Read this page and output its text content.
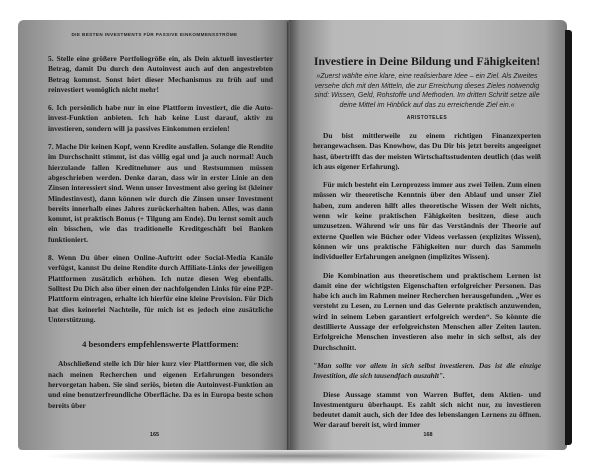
DIE BESTEN INVESTMENTS FÜR PASSIVE EINKOMMENSSTRÖME

5. Stelle eine größere Portfoliogröße ein, als Dein aktuell investierter Betrag, damit Du durch den Autoinvest auch auf den angestrebten Betrag kommst. Sonst hört dieser Mechanismus zu früh auf und reinvestiert womöglich nicht mehr!

6. Ich persönlich habe nur in eine Plattform investiert, die die Auto-invest-Funktion anbieten. Ich hab keine Lust darauf, aktiv zu investieren, sondern will ja passives Einkommen erzielen!

7. Mache Dir keinen Kopf, wenn Kredite ausfallen. Solange die Rendite im Durchschnitt stimmt, ist das völlig egal und ja auch normal! Auch hierzulande fallen Kreditnehmer aus und Restsummen müssen abgeschrieben werden. Denke daran, dass wir in erster Linie an den Zinsen interessiert sind. Wenn unser Investment also gering ist (kleiner Mindestinvest), dann können wir durch die Zinsen unser Investment bereits innerhalb eines Jahres zurückerhalten haben. Alles, was dann kommt, ist praktisch Bonus (+ Tilgung am Ende). Du lernst somit auch ein bisschen, wie das traditionelle Kreditgeschäft bei Banken funktioniert.

8. Wenn Du über einen Online-Auftritt oder Social-Media Kanäle verfügst, kannst Du deine Rendite durch Affiliate-Links der jeweiligen Plattformen zusätzlich erhöhen. Ich nutze diesen Weg ebenfalls. Solltest Du Dich also über einen der nachfolgenden Links für eine P2P-Plattform eintragen, erhalte ich hierfür eine kleine Provision. Für Dich hat dies keinerlei Nachteile, für mich ist es jedoch eine zusätzliche Unterstützung.

4 besonders empfehlenswerte Plattformen:

Abschließend stelle ich Dir hier kurz vier Plattformen vor, die sich nach meinen Recherchen und eigenen Erfahrungen besonders hervorgetan haben. Sie sind seriös, bieten die Autoinvest-Funktion an und eine benutzerfreundliche Oberfläche. Da es in Europa beste schon bereits über

165

Investiere in Deine Bildung und Fähigkeiten!

»Zuerst wählte eine klare, eine realisierbare Idee – ein Ziel. Als Zweites versehe dich mit den Mitteln, die zur Erreichung dieses Zieles notwendig sind: Wissen, Geld, Rohstoffe und Methoden. Im dritten Schritt setze alle deine Mittel im Hinblick auf das zu erreichende Ziel ein.«

ARISTOTELES

Du bist mittlerweile zu einem richtigen Finanzexperten herangewachsen. Das Knowhow, das Du Dir bis jetzt bereits angeeignet hast, übertrifft das der meisten Wirtschaftsstudenten deutlich (das weiß ich aus eigener Erfahrung).

Für mich besteht ein Lernprozess immer aus zwei Teilen. Zum einen müssen wir theoretische Kenntnis über den Ablauf und unser Ziel haben, zum anderen hilft alles theoretische Wissen der Welt nichts, wenn wir keine praktischen Fähigkeiten besitzen, diese auch umzusetzen. Während wir uns für das Verständnis der Theorie auf externe Quellen wie Bücher oder Videos verlassen (explizites Wissen), können wir uns praktische Fähigkeiten nur durch das Sammeln individueller Erfahrungen aneignen (implizites Wissen).

Die Kombination aus theoretischem und praktischem Lernen ist damit eine der wichtigsten Eigenschaften erfolgreicher Personen. Das habe ich auch im Rahmen meiner Recherchen herausgefunden. „Wer es versteht zu Lesen, zu Lernen und das Gelernte praktisch anzuwenden, wird in seinem Leben garantiert erfolgreich werden“. So könnte die destillierte Aussage der erfolgreichsten Menschen aller Zeiten lauten. Erfolgreiche Menschen investieren also mehr in sich selbst, als der Durchschnitt.

"Man sollte vor allem in sich selbst investieren. Das ist die einzige Investition, die sich tausendfach auszahlt".

Diese Aussage stammt von Warren Buffet, dem Aktien- und Investmentguru überhaupt. Es zahlt sich nicht nur, zu investieren bedeutet damit auch, sich der Idee des lebenslangen Lernens zu öffnen. Wer darauf bereit ist, wird immer

168
